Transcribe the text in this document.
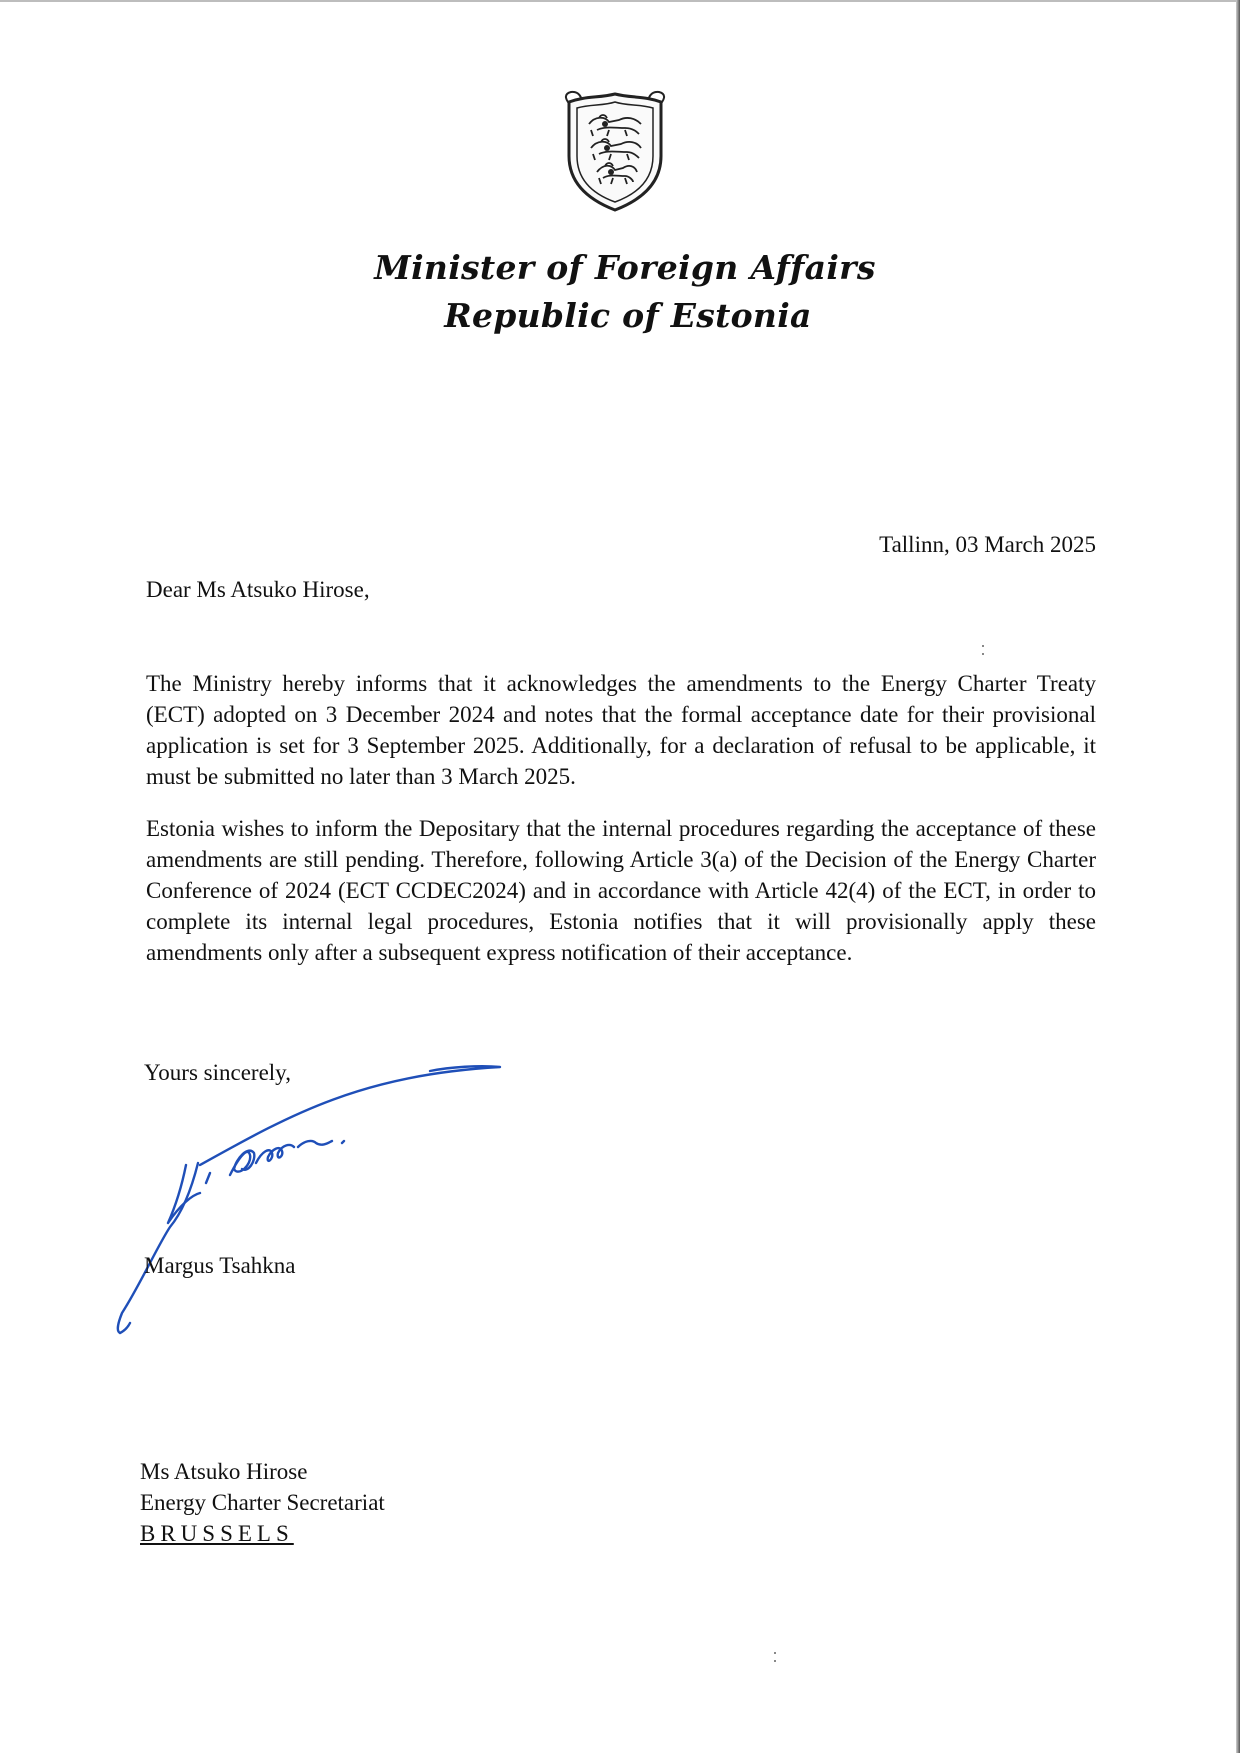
Minister of Foreign Affairs
Republic of Estonia
Tallinn, 03 March 2025
Dear Ms Atsuko Hirose,

The Ministry hereby informs that it acknowledges the amendments to the Energy Charter Treaty (ECT) adopted on 3 December 2024 and notes that the formal acceptance date for their provisional application is set for 3 September 2025. Additionally, for a declaration of refusal to be applicable, it must be submitted no later than 3 March 2025.

Estonia wishes to inform the Depositary that the internal procedures regarding the acceptance of these amendments are still pending. Therefore, following Article 3(a) of the Decision of the Energy Charter Conference of 2024 (ECT CCDEC2024) and in accordance with Article 42(4) of the ECT, in order to complete its internal legal procedures, Estonia notifies that it will provisionally apply these amendments only after a subsequent express notification of their acceptance.

Yours sincerely,
Margus Tsahkna
Ms Atsuko Hirose
Energy Charter Secretariat
BRUSSELS
